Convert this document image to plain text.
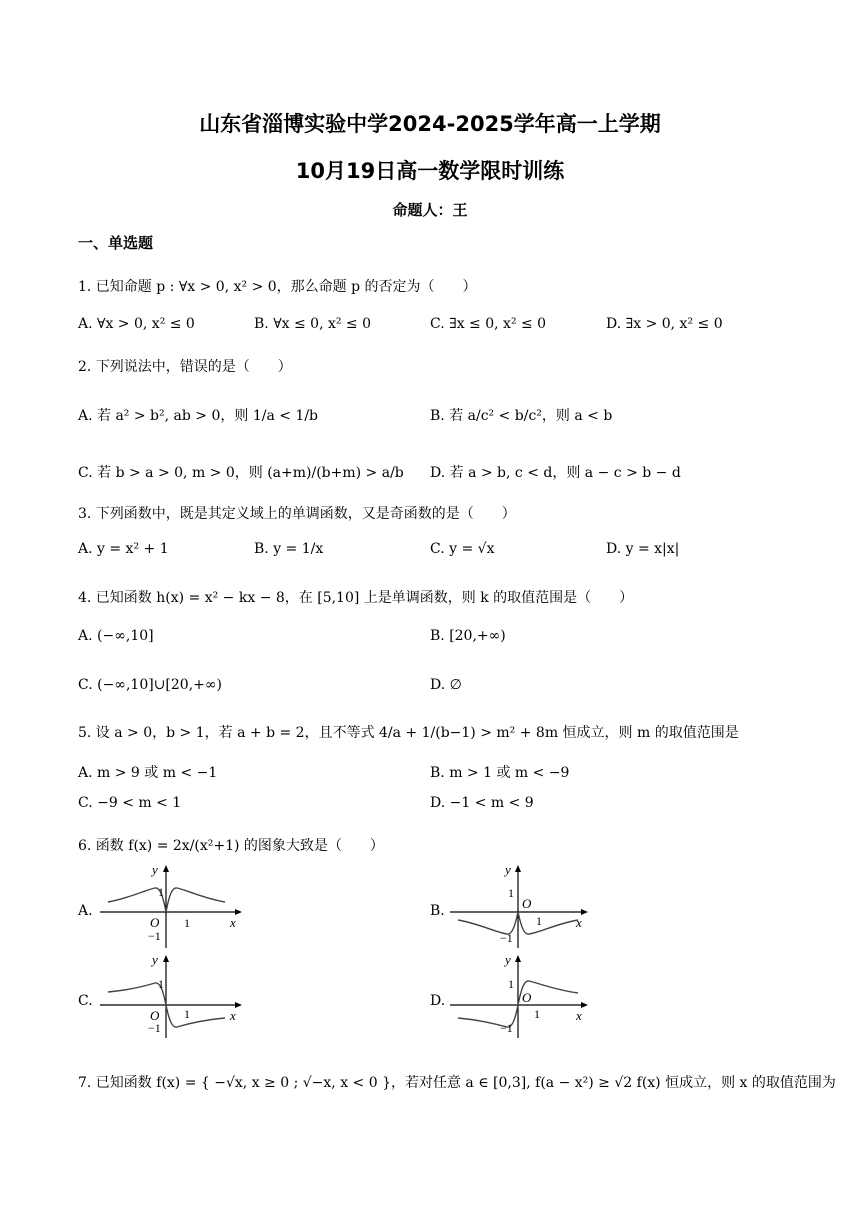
山东省淄博实验中学2024-2025学年高一上学期
10月19日高一数学限时训练
命题人：王
一、单选题
1. 已知命题 p : ∀x > 0, x² > 0，那么命题 p 的否定为（　　）
A. ∀x > 0, x² ≤ 0	B. ∀x ≤ 0, x² ≤ 0	C. ∃x ≤ 0, x² ≤ 0	D. ∃x > 0, x² ≤ 0
2. 下列说法中，错误的是（　　）
A. 若 a² > b², ab > 0，则 1/a < 1/b	B. 若 a/c² < b/c²，则 a < b
C. 若 b > a > 0, m > 0，则 (a+m)/(b+m) > a/b D. 若 a > b, c < d，则 a − c > b − d
3. 下列函数中，既是其定义域上的单调函数，又是奇函数的是（　　）
A. y = x² + 1	B. y = 1/x	C. y = √x	D. y = x|x|
4. 已知函数 h(x) = x² − kx − 8，在 [5,10] 上是单调函数，则 k 的取值范围是（　　）
A. (−∞,10]	B. [20,+∞)
C. (−∞,10]∪[20,+∞)	D. ∅
5. 设 a > 0，b > 1，若 a + b = 2，且不等式 4/a + 1/(b−1) > m² + 8m 恒成立，则 m 的取值范围是
A. m > 9 或 m < −1	B. m > 1 或 m < −9
C. −9 < m < 1	D. −1 < m < 9
6. 函数 f(x) = 2x/(x²+1) 的图象大致是（　　）
A.
y
1
O
−1
1	x
B.
y
1
O
−1
1	x
C.
y
1
O
−1
1	x
D.
y
1
O
−1
1	x
7. 已知函数 f(x) = { −√x, x ≥ 0 ; √−x, x < 0 }，若对任意 a ∈ [0,3], f(a − x²) ≥ √2 f(x) 恒成立，则 x 的取值范围为
